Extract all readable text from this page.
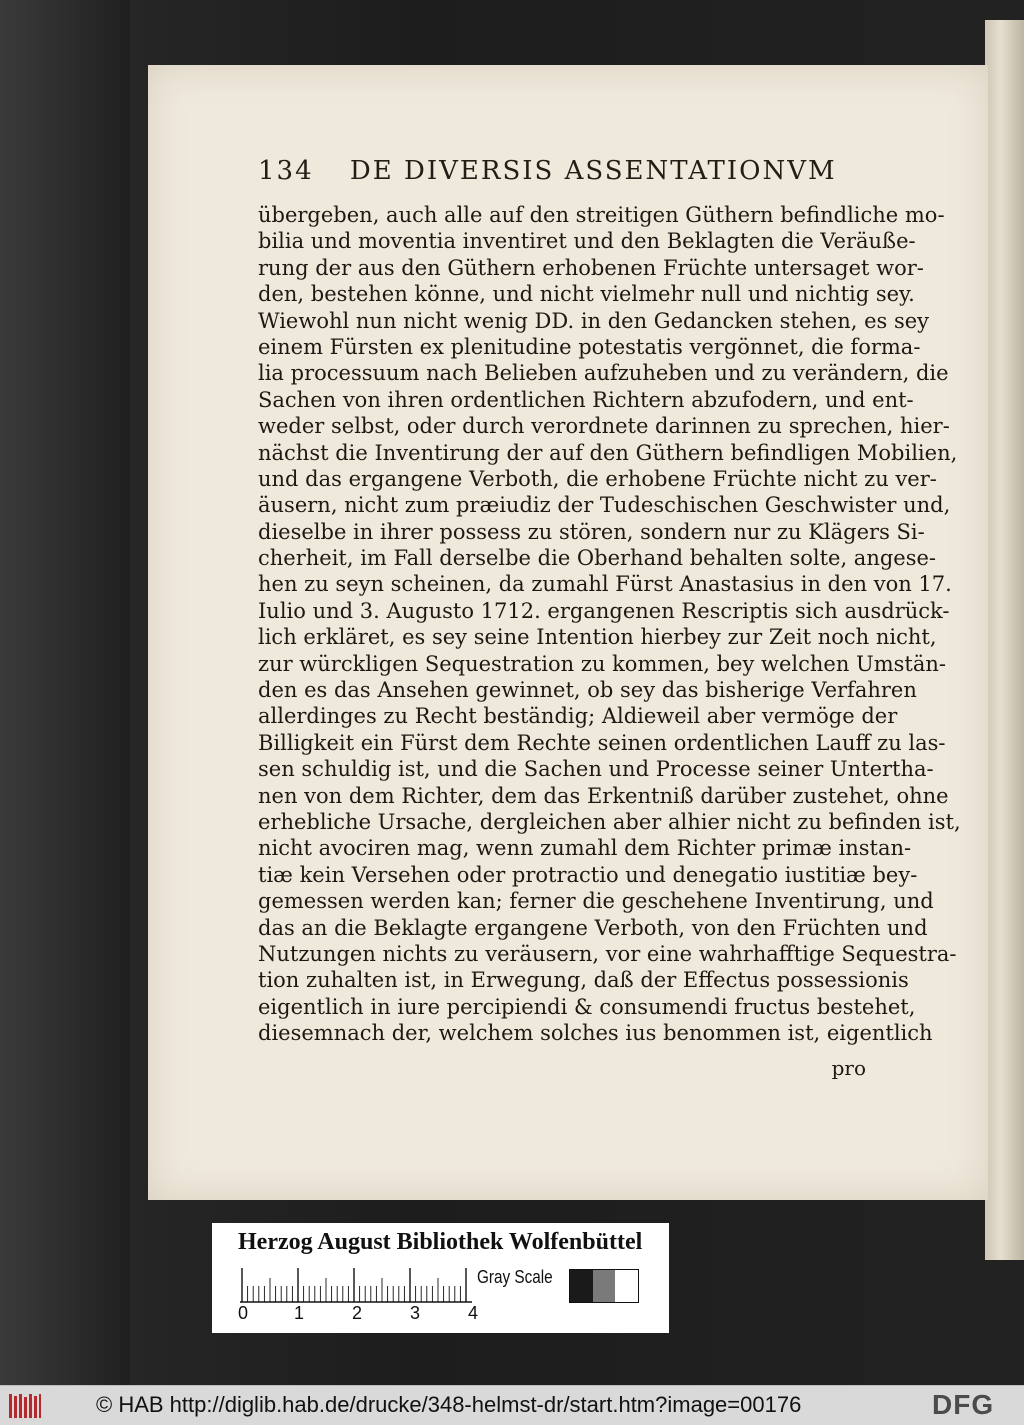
134 DE DIVERSIS ASSENTATIONVM
übergeben, auch alle auf den streitigen Güthern befindliche mo-
bilia und moventia inventiret und den Beklagten die Veräuße-
rung der aus den Güthern erhobenen Früchte untersaget wor-
den, bestehen könne, und nicht vielmehr null und nichtig sey.
Wiewohl nun nicht wenig DD. in den Gedancken stehen, es sey
einem Fürsten ex plenitudine potestatis vergönnet, die forma-
lia processuum nach Belieben aufzuheben und zu verändern, die
Sachen von ihren ordentlichen Richtern abzufodern, und ent-
weder selbst, oder durch verordnete darinnen zu sprechen, hier-
nächst die Inventirung der auf den Güthern befindligen Mobilien,
und das ergangene Verboth, die erhobene Früchte nicht zu ver-
äusern, nicht zum præiudiz der Tudeschischen Geschwister und,
dieselbe in ihrer possess zu stören, sondern nur zu Klägers Si-
cherheit, im Fall derselbe die Oberhand behalten solte, angese-
hen zu seyn scheinen, da zumahl Fürst Anastasius in den von 17.
Iulio und 3. Augusto 1712. ergangenen Rescriptis sich ausdrück-
lich erkläret, es sey seine Intention hierbey zur Zeit noch nicht,
zur würckligen Sequestration zu kommen, bey welchen Umstän-
den es das Ansehen gewinnet, ob sey das bisherige Verfahren
allerdinges zu Recht beständig; Aldieweil aber vermöge der
Billigkeit ein Fürst dem Rechte seinen ordentlichen Lauff zu las-
sen schuldig ist, und die Sachen und Processe seiner Untertha-
nen von dem Richter, dem das Erkentniß darüber zustehet, ohne
erhebliche Ursache, dergleichen aber alhier nicht zu befinden ist,
nicht avociren mag, wenn zumahl dem Richter primæ instan-
tiæ kein Versehen oder protractio und denegatio iustitiæ bey-
gemessen werden kan; ferner die geschehene Inventirung, und
das an die Beklagte ergangene Verboth, von den Früchten und
Nutzungen nichts zu veräusern, vor eine wahrhafftige Sequestra-
tion zuhalten ist, in Erwegung, daß der Effectus possessionis
eigentlich in iure percipiendi & consumendi fructus bestehet,
diesemnach der, welchem solches ius benommen ist, eigentlich
pro
Herzog August Bibliothek Wolfenbüttel
Gray Scale
0	1	2	3	4
© HAB http://diglib.hab.de/drucke/348-helmst-dr/start.htm?image=00176	DFG
